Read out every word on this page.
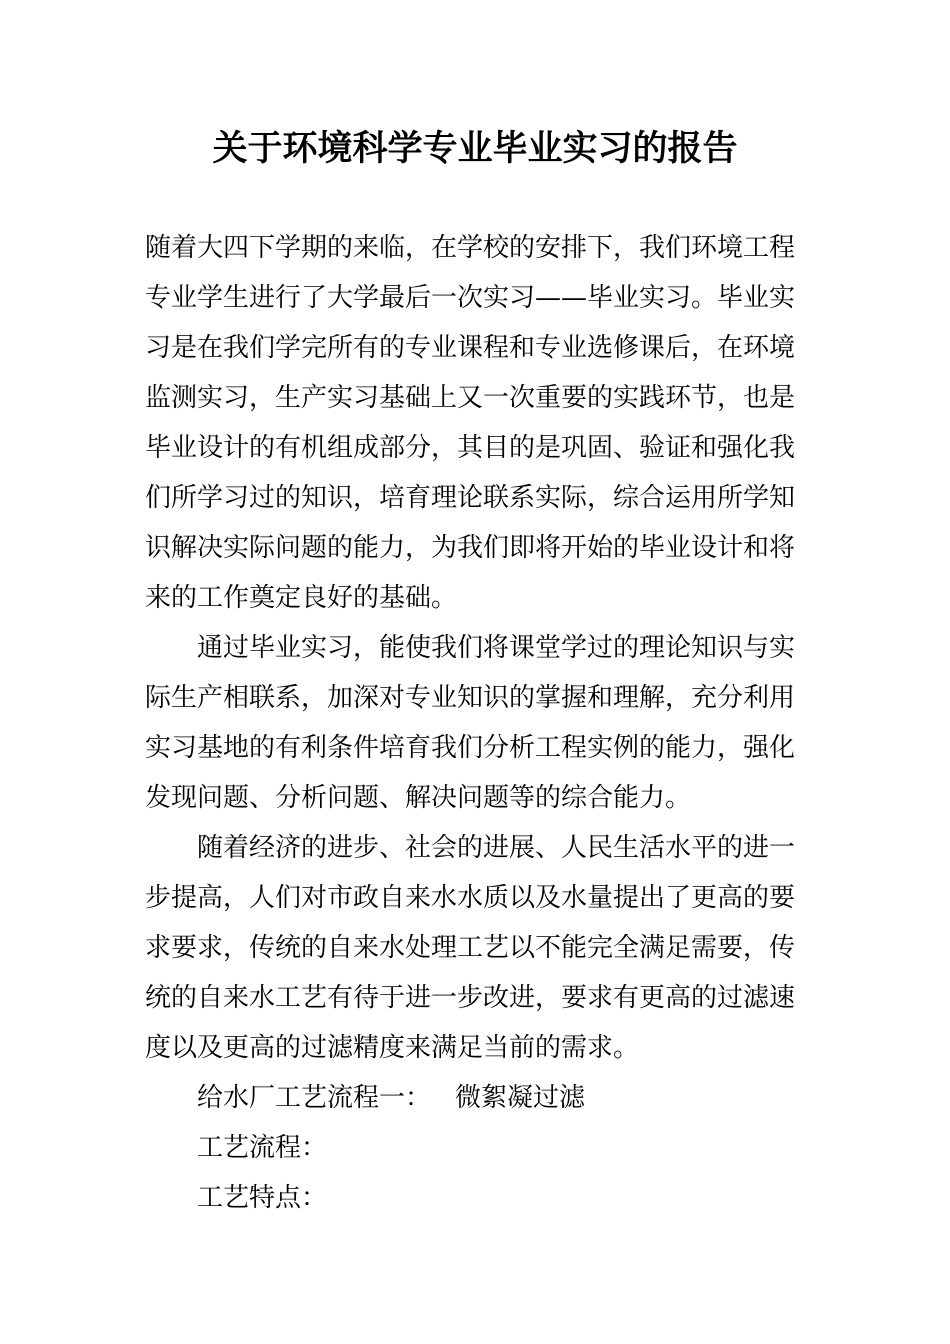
关于环境科学专业毕业实习的报告

随着大四下学期的来临，在学校的安排下，我们环境工程
专业学生进行了大学最后一次实习——毕业实习。毕业实
习是在我们学完所有的专业课程和专业选修课后，在环境
监测实习，生产实习基础上又一次重要的实践环节，也是
毕业设计的有机组成部分，其目的是巩固、验证和强化我
们所学习过的知识，培育理论联系实际，综合运用所学知
识解决实际问题的能力，为我们即将开始的毕业设计和将
来的工作奠定良好的基础。

通过毕业实习，能使我们将课堂学过的理论知识与实
际生产相联系，加深对专业知识的掌握和理解，充分利用
实习基地的有利条件培育我们分析工程实例的能力，强化
发现问题、分析问题、解决问题等的综合能力。

随着经济的进步、社会的进展、人民生活水平的进一
步提高，人们对市政自来水水质以及水量提出了更高的要
求要求，传统的自来水处理工艺以不能完全满足需要，传
统的自来水工艺有待于进一步改进，要求有更高的过滤速
度以及更高的过滤精度来满足当前的需求。

给水厂工艺流程一： 微絮凝过滤

工艺流程：

工艺特点：
